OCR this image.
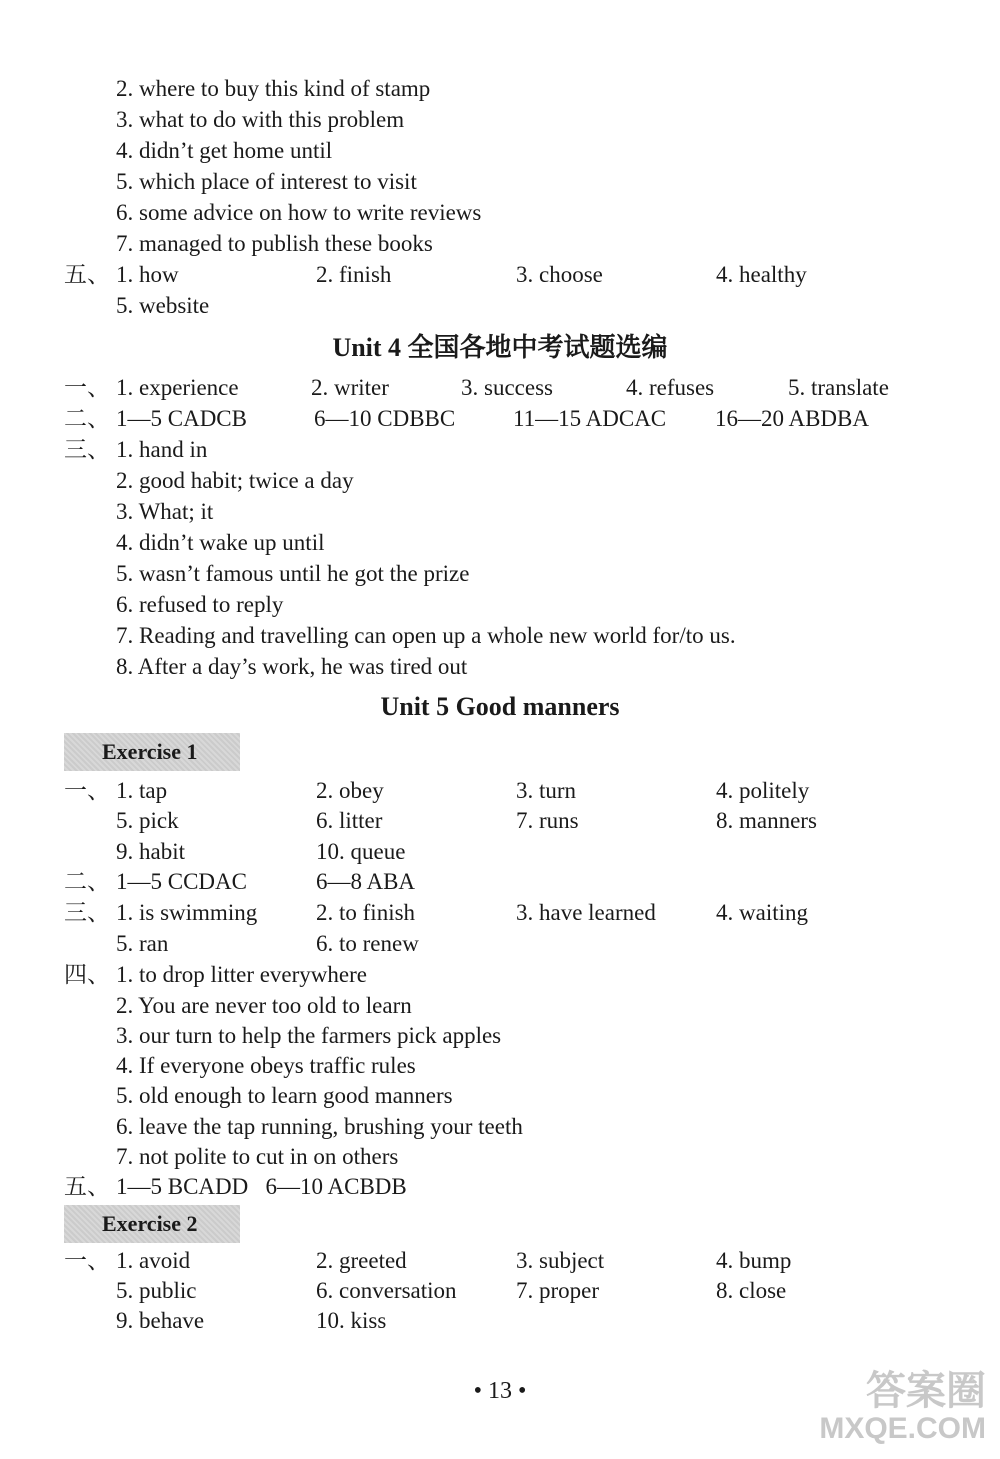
2. where to buy this kind of stamp
3. what to do with this problem
4. didn’t get home until
5. which place of interest to visit
6. some advice on how to write reviews
7. managed to publish these books
五、 1. how	2. finish	3. choose	4. healthy
5. website
Unit 4 全国各地中考试题选编
一、 1. experience	2. writer	3. success	4. refuses	5. translate
二、 1—5 CADCB	6—10 CDBBC	11—15 ADCAC 16—20 ABDBA
三、 1. hand in
2. good habit; twice a day
3. What; it
4. didn’t wake up until
5. wasn’t famous until he got the prize
6. refused to reply
7. Reading and travelling can open up a whole new world for/to us.
8. After a day’s work, he was tired out
Unit 5 Good manners
Exercise 1
一、 1. tap	2. obey	3. turn	4. politely
5. pick	6. litter	7. runs	8. manners
9. habit	10. queue
二、 1—5 CCDAC	6—8 ABA
三、 1. is swimming	2. to finish	3. have learned	4. waiting
5. ran	6. to renew
四、 1. to drop litter everywhere
2. You are never too old to learn
3. our turn to help the farmers pick apples
4. If everyone obeys traffic rules
5. old enough to learn good manners
6. leave the tap running, brushing your teeth
7. not polite to cut in on others
五、 1—5 BCADD   6—10 ACBDB
Exercise 2
一、 1. avoid	2. greeted	3. subject	4. bump
5. public	6. conversation	7. proper	8. close
9. behave	10. kiss
• 13 •	答案圈
MXQE.COM
